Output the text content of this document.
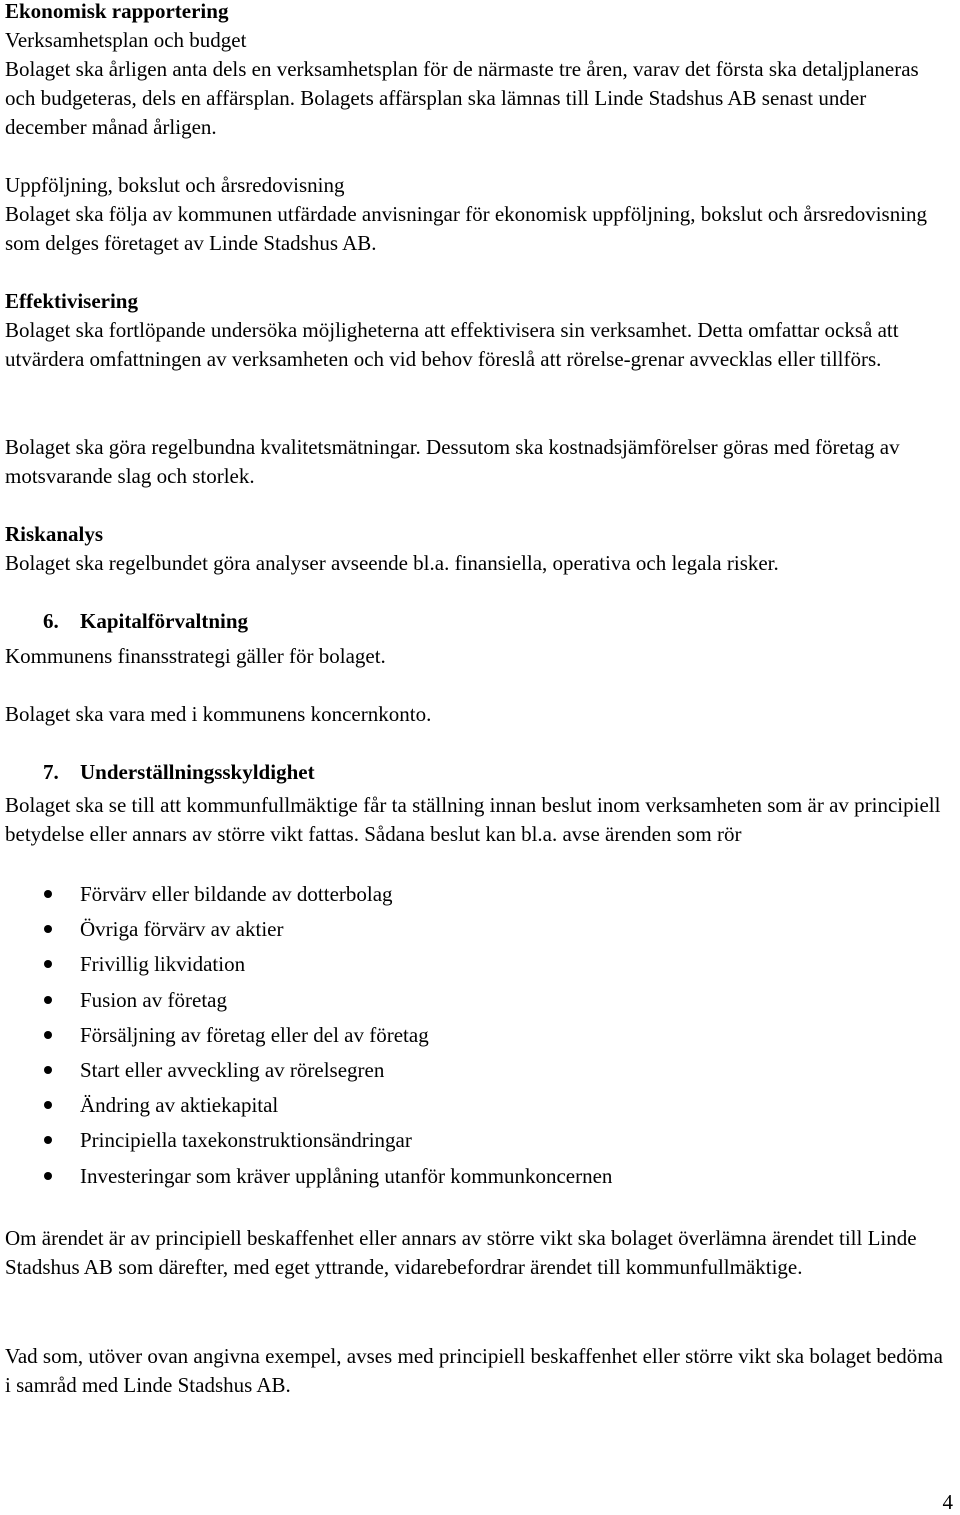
Ekonomisk rapportering
Verksamhetsplan och budget
Bolaget ska årligen anta dels en verksamhetsplan för de närmaste tre åren, varav det första ska detaljplaneras och budgeteras, dels en affärsplan. Bolagets affärsplan ska lämnas till Linde Stadshus AB senast under december månad årligen.
Uppföljning, bokslut och årsredovisning
Bolaget ska följa av kommunen utfärdade anvisningar för ekonomisk uppföljning, bokslut och årsredovisning som delges företaget av Linde Stadshus AB.
Effektivisering
Bolaget ska fortlöpande undersöka möjligheterna att effektivisera sin verksamhet. Detta omfattar också att utvärdera omfattningen av verksamheten och vid behov föreslå att rörelse-grenar avvecklas eller tillförs.
Bolaget ska göra regelbundna kvalitetsmätningar. Dessutom ska kostnadsjämförelser göras med företag av motsvarande slag och storlek.
Riskanalys
Bolaget ska regelbundet göra analyser avseende bl.a. finansiella, operativa och legala risker.
6. Kapitalförvaltning
Kommunens finansstrategi gäller för bolaget.
Bolaget ska vara med i kommunens koncernkonto.
7. Underställningsskyldighet
Bolaget ska se till att kommunfullmäktige får ta ställning innan beslut inom verksamheten som är av principiell betydelse eller annars av större vikt fattas. Sådana beslut kan bl.a. avse ärenden som rör
Förvärv eller bildande av dotterbolag
Övriga förvärv av aktier
Frivillig likvidation
Fusion av företag
Försäljning av företag eller del av företag
Start eller avveckling av rörelsegren
Ändring av aktiekapital
Principiella taxekonstruktionsändringar
Investeringar som kräver upplåning utanför kommunkoncernen
Om ärendet är av principiell beskaffenhet eller annars av större vikt ska bolaget överlämna ärendet till Linde Stadshus AB som därefter, med eget yttrande, vidarebefordrar ärendet till kommunfullmäktige.
Vad som, utöver ovan angivna exempel, avses med principiell beskaffenhet eller större vikt ska bolaget bedöma i samråd med Linde Stadshus AB.
4
